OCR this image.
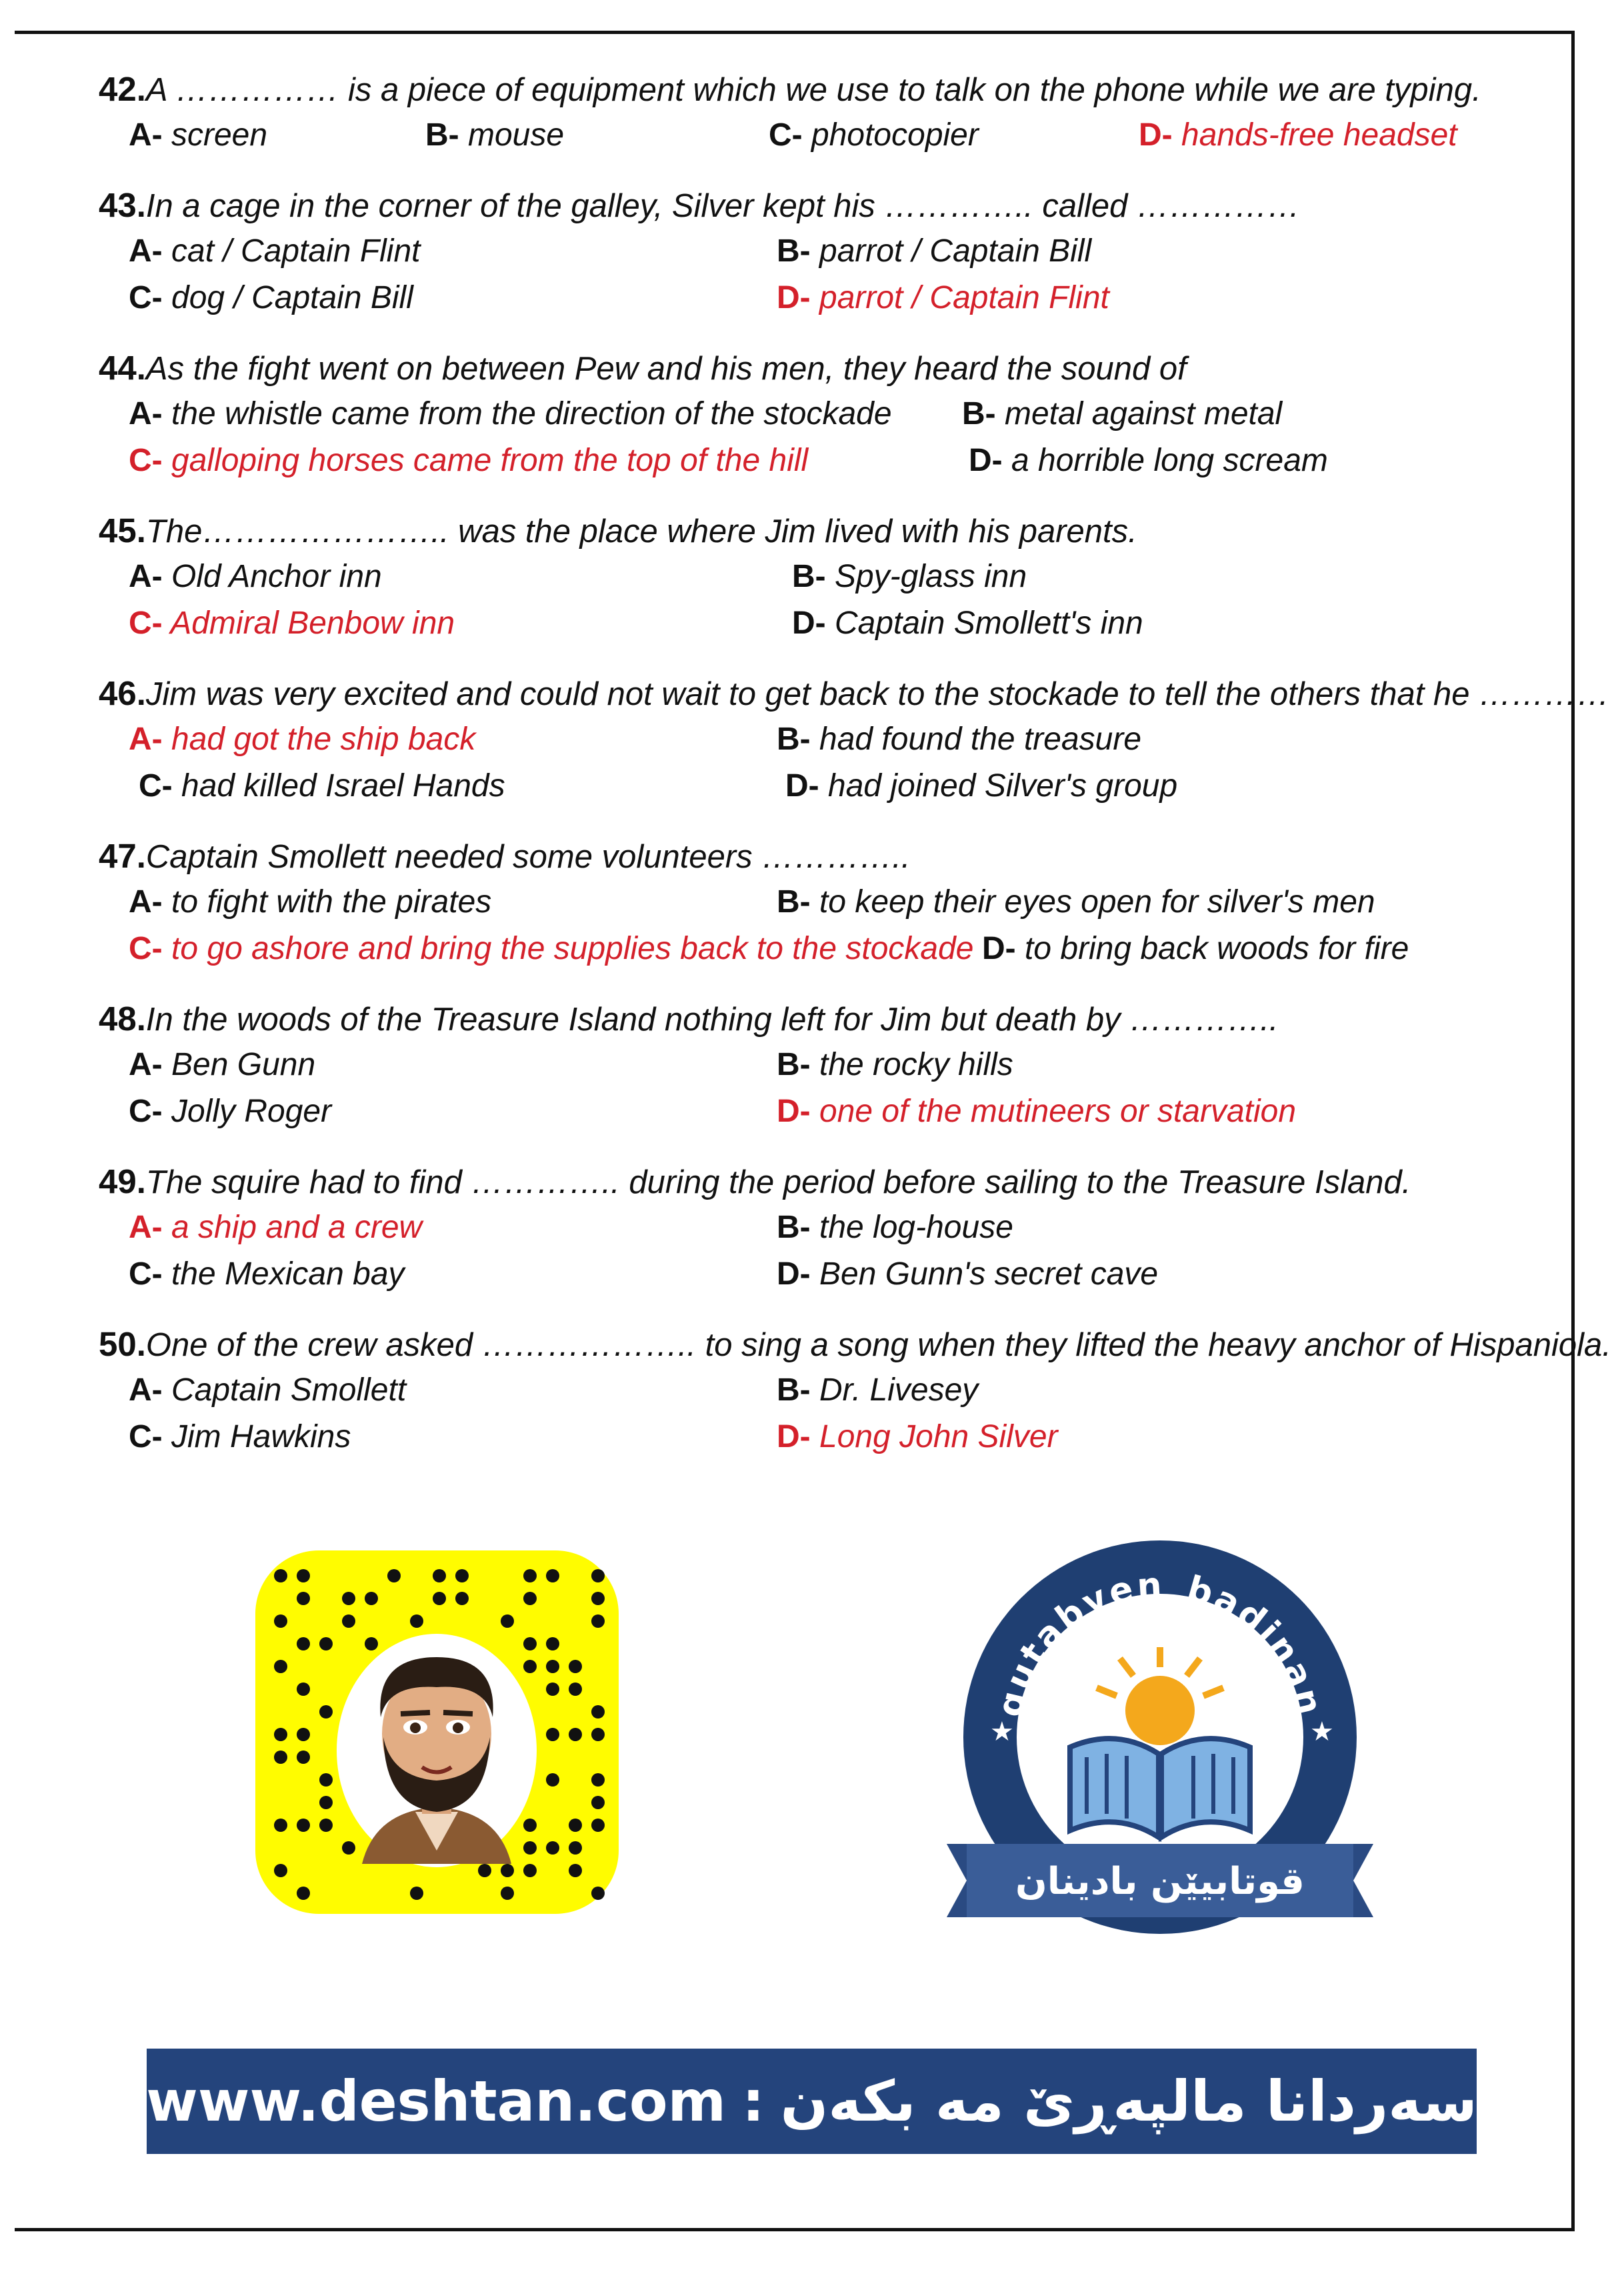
42.A …………… is a piece of equipment which we use to talk on the phone while we are typing.
A- screen	B- mouse	C- photocopier	D- hands-free headset
43.In a cage in the corner of the galley, Silver kept his ………….. called ……………
A- cat / Captain Flint	B- parrot / Captain Bill
C- dog / Captain Bill	D- parrot / Captain Flint
44.As the fight went on between Pew and his men, they heard the sound of
A- the whistle came from the direction of the stockade B- metal against metal
C- galloping horses came from the top of the hill	D- a horrible long scream
45.The………………….. was the place where Jim lived with his parents.
A- Old Anchor inn	B- Spy-glass inn
C- Admiral Benbow inn	D- Captain Smollett's inn
46.Jim was very excited and could not wait to get back to the stockade to tell the others that he …………
A- had got the ship back	B- had found the treasure
C- had killed Israel Hands	D- had joined Silver's group
47.Captain Smollett needed some volunteers …………..
A- to fight with the pirates	B- to keep their eyes open for silver's men
C- to go ashore and bring the supplies back to the stockade D- to bring back woods for fire
48.In the woods of the Treasure Island nothing left for Jim but death by …………..
A- Ben Gunn	B- the rocky hills
C- Jolly Roger	D- one of the mutineers or starvation
49.The squire had to find ………….. during the period before sailing to the Treasure Island.
A- a ship and a crew	B- the log-house
C- the Mexican bay	D- Ben Gunn's secret cave
50.One of the crew asked ……………….. to sing a song when they lifted the heavy anchor of Hispaniola.
A- Captain Smollett	B- Dr. Livesey
C- Jim Hawkins	D- Long John Silver
qutabyen_badinan
★	★
قوتابیێن بادینان
www.deshtan.com : سەردانا مالپەڕێ مە بکەن
